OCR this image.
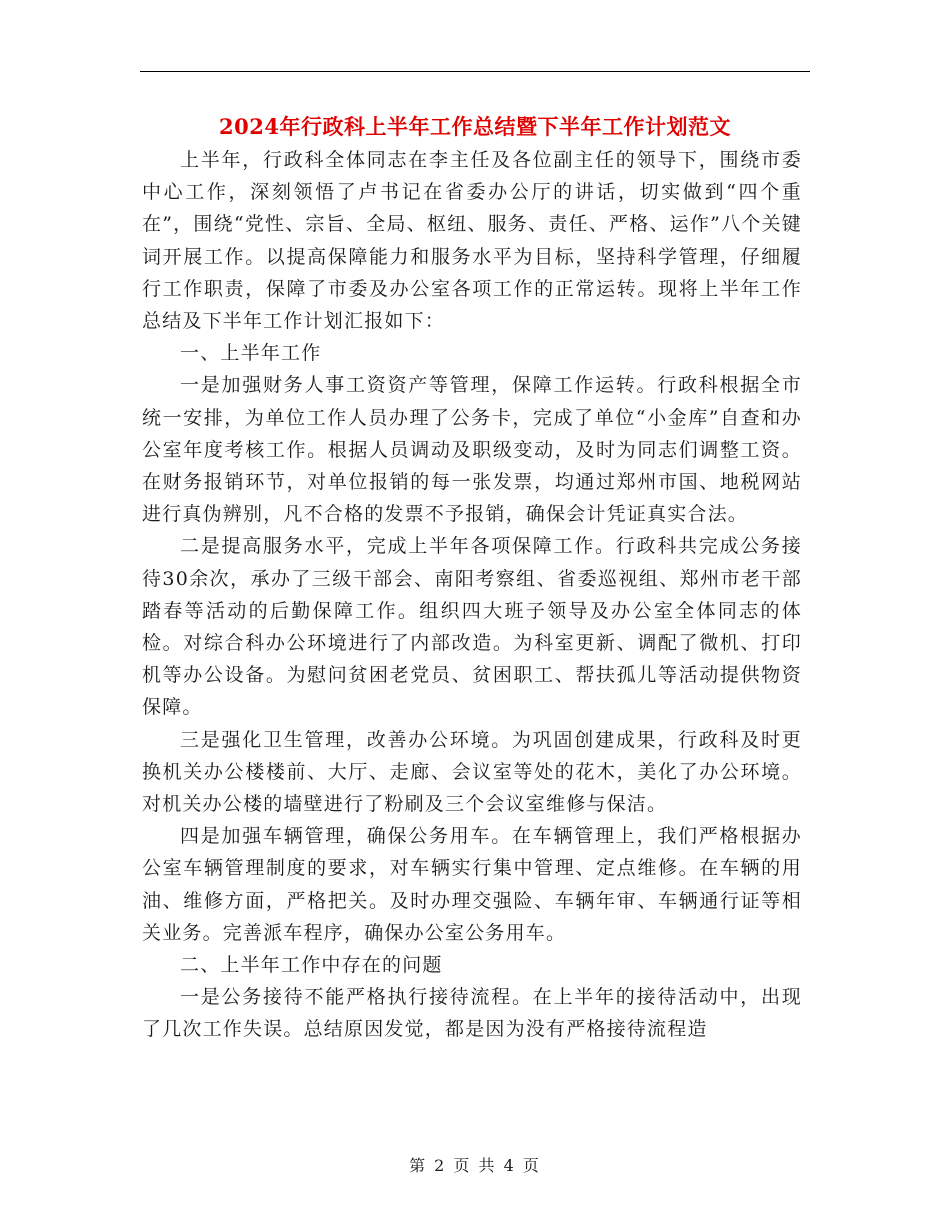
2024年行政科上半年工作总结暨下半年工作计划范文

上半年，行政科全体同志在李主任及各位副主任的领导下，围绕市委中心工作，深刻领悟了卢书记在省委办公厅的讲话，切实做到“四个重在”，围绕“党性、宗旨、全局、枢纽、服务、责任、严格、运作”八个关键词开展工作。以提高保障能力和服务水平为目标，坚持科学管理，仔细履行工作职责，保障了市委及办公室各项工作的正常运转。现将上半年工作总结及下半年工作计划汇报如下：

一、上半年工作

一是加强财务人事工资资产等管理，保障工作运转。行政科根据全市统一安排，为单位工作人员办理了公务卡，完成了单位“小金库”自查和办公室年度考核工作。根据人员调动及职级变动，及时为同志们调整工资。在财务报销环节，对单位报销的每一张发票，均通过郑州市国、地税网站进行真伪辨别，凡不合格的发票不予报销，确保会计凭证真实合法。

二是提高服务水平，完成上半年各项保障工作。行政科共完成公务接待30余次，承办了三级干部会、南阳考察组、省委巡视组、郑州市老干部踏春等活动的后勤保障工作。组织四大班子领导及办公室全体同志的体检。对综合科办公环境进行了内部改造。为科室更新、调配了微机、打印机等办公设备。为慰问贫困老党员、贫困职工、帮扶孤儿等活动提供物资保障。

三是强化卫生管理，改善办公环境。为巩固创建成果，行政科及时更换机关办公楼楼前、大厅、走廊、会议室等处的花木，美化了办公环境。对机关办公楼的墙壁进行了粉刷及三个会议室维修与保洁。

四是加强车辆管理，确保公务用车。在车辆管理上，我们严格根据办公室车辆管理制度的要求，对车辆实行集中管理、定点维修。在车辆的用油、维修方面，严格把关。及时办理交强险、车辆年审、车辆通行证等相关业务。完善派车程序，确保办公室公务用车。

二、上半年工作中存在的问题

一是公务接待不能严格执行接待流程。在上半年的接待活动中，出现了几次工作失误。总结原因发觉，都是因为没有严格接待流程造

第 2 页 共 4 页
